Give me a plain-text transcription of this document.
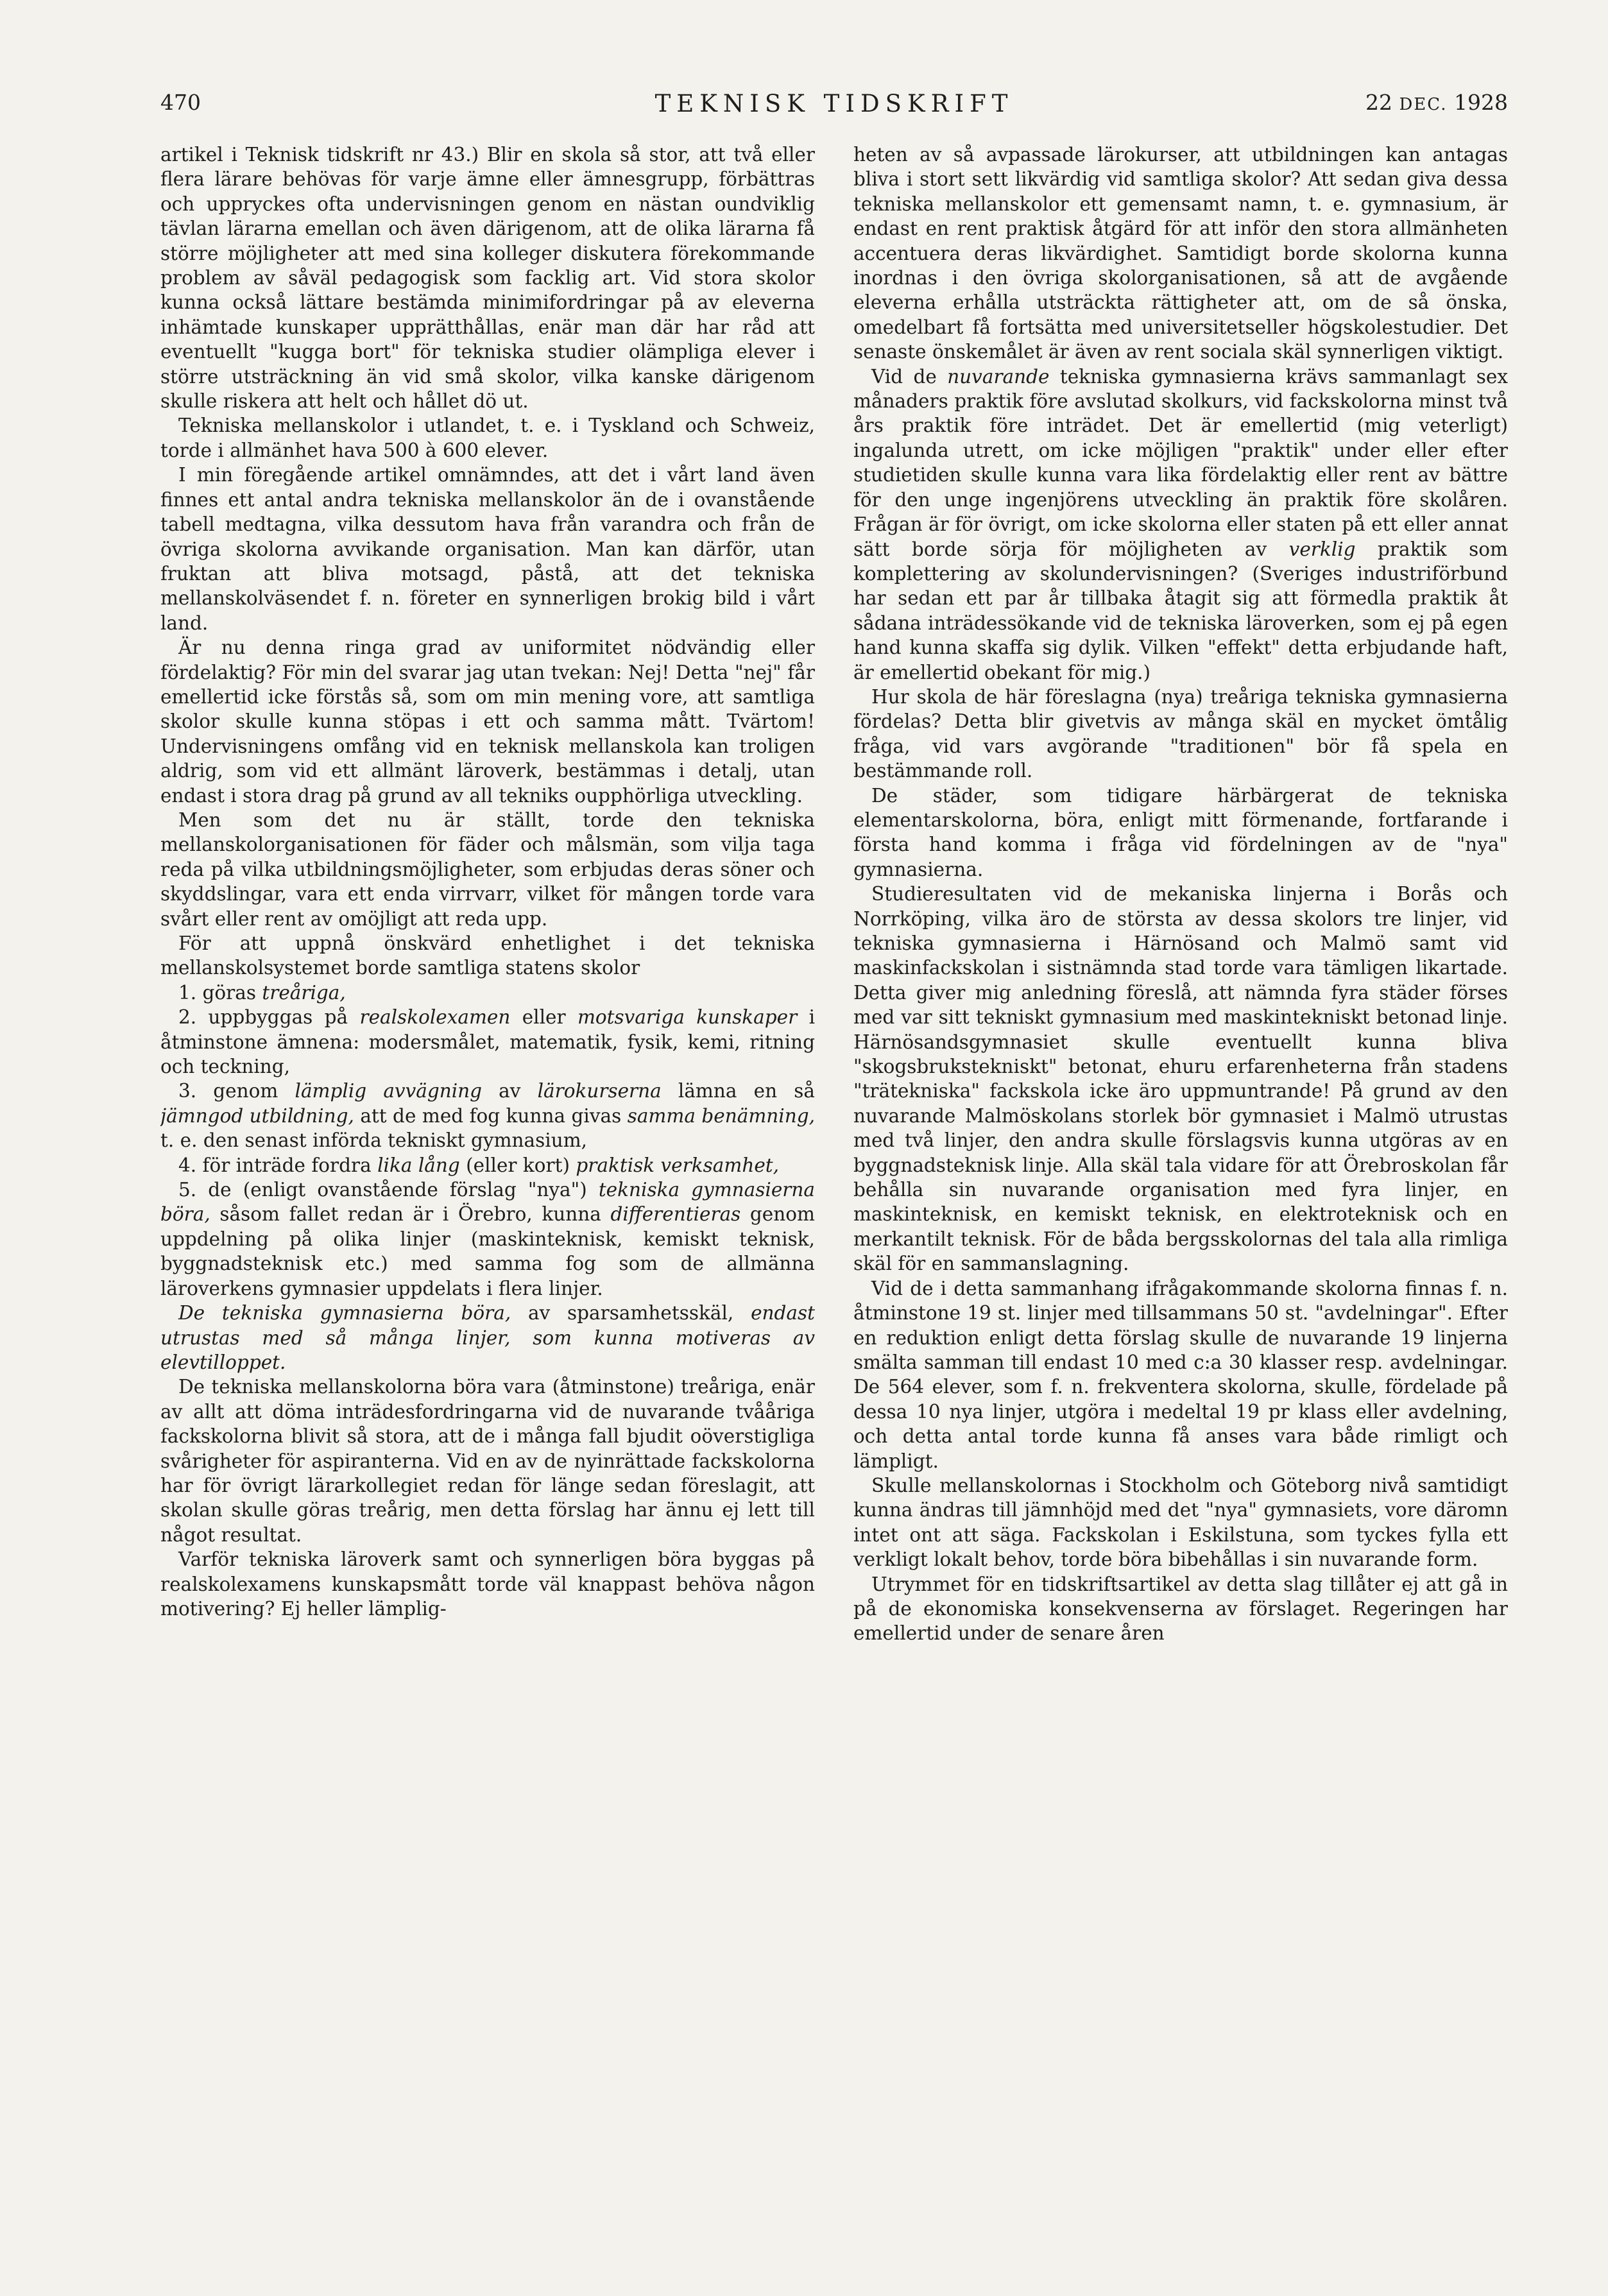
470	TEKNISK TIDSKRIFT	22 DEC. 1928

artikel i Teknisk tidskrift nr 43.) Blir en skola så stor, att två eller flera lärare behövas för varje ämne eller ämnesgrupp, förbättras och uppryckes ofta undervisningen genom en nästan oundviklig tävlan lärarna emellan och även därigenom, att de olika lärarna få större möjligheter att med sina kolleger diskutera förekommande problem av såväl pedagogisk som facklig art. Vid stora skolor kunna också lättare bestämda minimifordringar på av eleverna inhämtade kunskaper upprätthållas, enär man där har råd att eventuellt "kugga bort" för tekniska studier olämpliga elever i större utsträckning än vid små skolor, vilka kanske därigenom skulle riskera att helt och hållet dö ut.

Tekniska mellanskolor i utlandet, t. e. i Tyskland och Schweiz, torde i allmänhet hava 500 à 600 elever.

I min föregående artikel omnämndes, att det i vårt land även finnes ett antal andra tekniska mellanskolor än de i ovanstående tabell medtagna, vilka dessutom hava från varandra och från de övriga skolorna avvikande organisation. Man kan därför, utan fruktan att bliva motsagd, påstå, att det tekniska mellanskolväsendet f. n. företer en synnerligen brokig bild i vårt land.

Är nu denna ringa grad av uniformitet nödvändig eller fördelaktig? För min del svarar jag utan tvekan: Nej! Detta "nej" får emellertid icke förstås så, som om min mening vore, att samtliga skolor skulle kunna stöpas i ett och samma mått. Tvärtom! Undervisningens omfång vid en teknisk mellanskola kan troligen aldrig, som vid ett allmänt läroverk, bestämmas i detalj, utan endast i stora drag på grund av all tekniks oupphörliga utveckling.

Men som det nu är ställt, torde den tekniska mellanskolorganisationen för fäder och målsmän, som vilja taga reda på vilka utbildningsmöjligheter, som erbjudas deras söner och skyddslingar, vara ett enda virrvarr, vilket för mången torde vara svårt eller rent av omöjligt att reda upp.

För att uppnå önskvärd enhetlighet i det tekniska mellanskolsystemet borde samtliga statens skolor

1. göras treåriga,

2. uppbyggas på realskolexamen eller motsvariga kunskaper i åtminstone ämnena: modersmålet, matematik, fysik, kemi, ritning och teckning,

3. genom lämplig avvägning av lärokurserna lämna en så jämngod utbildning, att de med fog kunna givas samma benämning, t. e. den senast införda tekniskt gymnasium,

4. för inträde fordra lika lång (eller kort) praktisk verksamhet,

5. de (enligt ovanstående förslag "nya") tekniska gymnasierna böra, såsom fallet redan är i Örebro, kunna differentieras genom uppdelning på olika linjer (maskinteknisk, kemiskt teknisk, byggnadsteknisk etc.) med samma fog som de allmänna läroverkens gymnasier uppdelats i flera linjer.

De tekniska gymnasierna böra, av sparsamhetsskäl, endast utrustas med så många linjer, som kunna motiveras av elevtilloppet.

De tekniska mellanskolorna böra vara (åtminstone) treåriga, enär av allt att döma inträdesfordringarna vid de nuvarande tvååriga fackskolorna blivit så stora, att de i många fall bjudit oöverstigliga svårigheter för aspiranterna. Vid en av de nyinrättade fackskolorna har för övrigt lärarkollegiet redan för länge sedan föreslagit, att skolan skulle göras treårig, men detta förslag har ännu ej lett till något resultat.

Varför tekniska läroverk samt och synnerligen böra byggas på realskolexamens kunskapsmått torde väl knappast behöva någon motivering? Ej heller lämplig-

heten av så avpassade lärokurser, att utbildningen kan antagas bliva i stort sett likvärdig vid samtliga skolor? Att sedan giva dessa tekniska mellanskolor ett gemensamt namn, t. e. gymnasium, är endast en rent praktisk åtgärd för att inför den stora allmänheten accentuera deras likvärdighet. Samtidigt borde skolorna kunna inordnas i den övriga skolorganisationen, så att de avgående eleverna erhålla utsträckta rättigheter att, om de så önska, omedelbart få fortsätta med universitetseller högskolestudier. Det senaste önskemålet är även av rent sociala skäl synnerligen viktigt.

Vid de nuvarande tekniska gymnasierna krävs sammanlagt sex månaders praktik före avslutad skolkurs, vid fackskolorna minst två års praktik före inträdet. Det är emellertid (mig veterligt) ingalunda utrett, om icke möjligen "praktik" under eller efter studietiden skulle kunna vara lika fördelaktig eller rent av bättre för den unge ingenjörens utveckling än praktik före skolåren. Frågan är för övrigt, om icke skolorna eller staten på ett eller annat sätt borde sörja för möjligheten av verklig praktik som komplettering av skolundervisningen? (Sveriges industriförbund har sedan ett par år tillbaka åtagit sig att förmedla praktik åt sådana inträdessökande vid de tekniska läroverken, som ej på egen hand kunna skaffa sig dylik. Vilken "effekt" detta erbjudande haft, är emellertid obekant för mig.)

Hur skola de här föreslagna (nya) treåriga tekniska gymnasierna fördelas? Detta blir givetvis av många skäl en mycket ömtålig fråga, vid vars avgörande "traditionen" bör få spela en bestämmande roll.

De städer, som tidigare härbärgerat de tekniska elementarskolorna, böra, enligt mitt förmenande, fortfarande i första hand komma i fråga vid fördelningen av de "nya" gymnasierna.

Studieresultaten vid de mekaniska linjerna i Borås och Norrköping, vilka äro de största av dessa skolors tre linjer, vid tekniska gymnasierna i Härnösand och Malmö samt vid maskinfackskolan i sistnämnda stad torde vara tämligen likartade. Detta giver mig anledning föreslå, att nämnda fyra städer förses med var sitt tekniskt gymnasium med maskintekniskt betonad linje. Härnösandsgymnasiet skulle eventuellt kunna bliva "skogsbrukstekniskt" betonat, ehuru erfarenheterna från stadens "trätekniska" fackskola icke äro uppmuntrande! På grund av den nuvarande Malmöskolans storlek bör gymnasiet i Malmö utrustas med två linjer, den andra skulle förslagsvis kunna utgöras av en byggnadsteknisk linje. Alla skäl tala vidare för att Örebroskolan får behålla sin nuvarande organisation med fyra linjer, en maskinteknisk, en kemiskt teknisk, en elektroteknisk och en merkantilt teknisk. För de båda bergsskolornas del tala alla rimliga skäl för en sammanslagning.

Vid de i detta sammanhang ifrågakommande skolorna finnas f. n. åtminstone 19 st. linjer med tillsammans 50 st. "avdelningar". Efter en reduktion enligt detta förslag skulle de nuvarande 19 linjerna smälta samman till endast 10 med c:a 30 klasser resp. avdelningar. De 564 elever, som f. n. frekventera skolorna, skulle, fördelade på dessa 10 nya linjer, utgöra i medeltal 19 pr klass eller avdelning, och detta antal torde kunna få anses vara både rimligt och lämpligt.

Skulle mellanskolornas i Stockholm och Göteborg nivå samtidigt kunna ändras till jämnhöjd med det "nya" gymnasiets, vore däromn intet ont att säga. Fackskolan i Eskilstuna, som tyckes fylla ett verkligt lokalt behov, torde böra bibehållas i sin nuvarande form.

Utrymmet för en tidskriftsartikel av detta slag tillåter ej att gå in på de ekonomiska konsekvenserna av förslaget. Regeringen har emellertid under de senare åren
